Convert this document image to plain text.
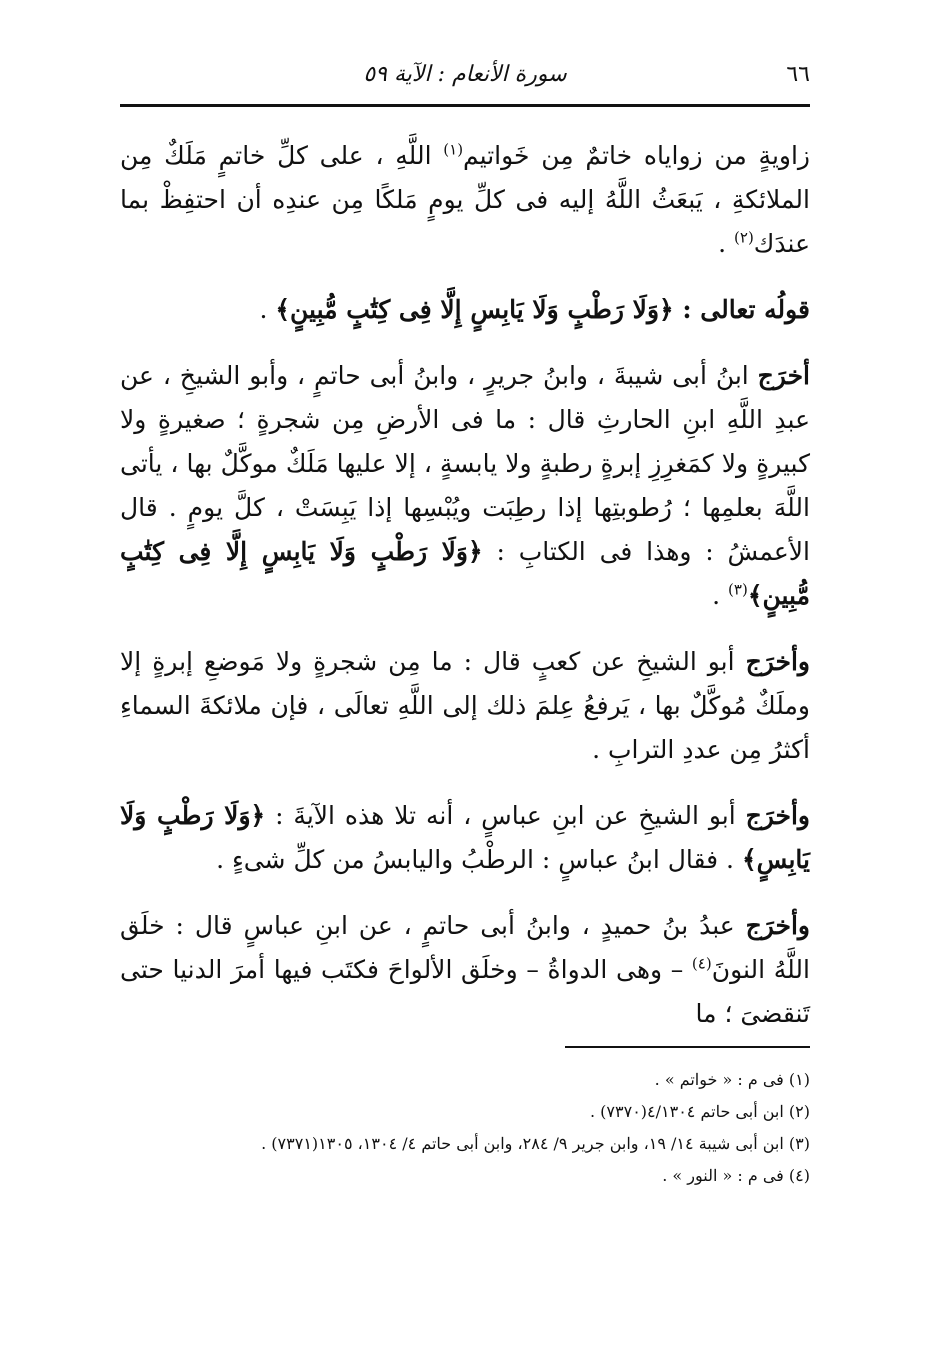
٦٦
سورة الأنعام : الآية ٥٩

زاويةٍ من زواياه خاتمٌ مِن خَواتيم$^{(١)}$ اللَّهِ ، على كلِّ خاتمٍ مَلَكٌ مِن الملائكةِ ، يَبعَثُ اللَّهُ إليه فى كلِّ يومٍ مَلكًا مِن عندِه أن احتفِظْ بما عندَك$^{(٢)}$ .

قولُه تعالى : ﴿وَلَا رَطْبٍ وَلَا يَابِسٍ إِلَّا فِى كِتَٰبٍ مُّبِينٍ﴾ .

أخرَج ابنُ أبى شيبةَ ، وابنُ جريرٍ ، وابنُ أبى حاتمٍ ، وأبو الشيخِ ، عن عبدِ اللَّهِ ابنِ الحارثِ قال : ما فى الأرضِ مِن شجرةٍ ؛ صغيرةٍ ولا كبيرةٍ ولا كمَغرِزِ إبرةٍ رطبةٍ ولا يابسةٍ ، إلا عليها مَلَكٌ موكَّلٌ بها ، يأتى اللَّهَ بعلمِها ؛ رُطوبتِها إذا رطِبَت ويُبْسِها إذا يَبِسَتْ ، كلَّ يومٍ . قال الأعمشُ : وهذا فى الكتابِ : ﴿وَلَا رَطْبٍ وَلَا يَابِسٍ إِلَّا فِى كِتَٰبٍ مُّبِينٍ﴾$^{(٣)}$ .

وأخرَج أبو الشيخِ عن كعبٍ قال : ما مِن شجرةٍ ولا مَوضعِ إبرةٍ إلا وملَكٌ مُوكَّلٌ بها ، يَرفعُ عِلمَ ذلك إلى اللَّهِ تعالَى ، فإن ملائكةَ السماءِ أكثرُ مِن عددِ الترابِ .

وأخرَج أبو الشيخِ عن ابنِ عباسٍ ، أنه تلا هذه الآيةَ : ﴿وَلَا رَطْبٍ وَلَا يَابِسٍ﴾ . فقال ابنُ عباسٍ : الرطْبُ واليابسُ من كلِّ شىءٍ .

وأخرَج عبدُ بنُ حميدٍ ، وابنُ أبى حاتمٍ ، عن ابنِ عباسٍ قال : خلَق اللَّهُ النونَ$^{(٤)}$ – وهى الدواةُ – وخلَق الألواحَ فكتَب فيها أمرَ الدنيا حتى تَنقضىَ ؛ ما

(١) فى م : « خواتم » .
(٢) ابن أبى حاتم ٤/١٣٠٤(٧٣٧٠) .
(٣) ابن أبى شيبة ١٤/ ١٩، وابن جرير ٩/ ٢٨٤، وابن أبى حاتم ٤/ ١٣٠٤، ١٣٠٥(٧٣٧١) .
(٤) فى م : « النور » .
